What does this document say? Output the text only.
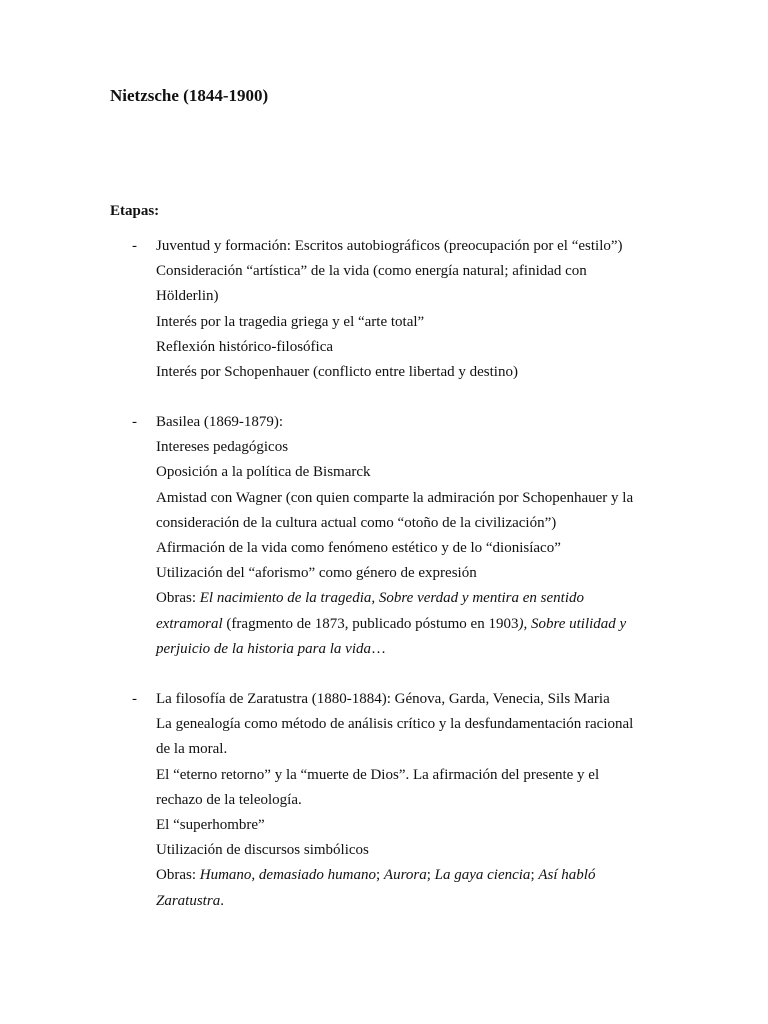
Nietzsche (1844-1900)
Etapas:
- Juventud y formación: Escritos autobiográficos (preocupación por el “estilo”)
Consideración “artística” de la vida (como energía natural; afinidad con
Hölderlin)
Interés por la tragedia griega y el “arte total”
Reflexión histórico-filosófica
Interés por Schopenhauer (conflicto entre libertad y destino)
- Basilea (1869-1879):
Intereses pedagógicos
Oposición a la política de Bismarck
Amistad con Wagner (con quien comparte la admiración por Schopenhauer y la
consideración de la cultura actual como “otoño de la civilización”)
Afirmación de la vida como fenómeno estético y de lo “dionisíaco”
Utilización del “aforismo” como género de expresión
Obras: El nacimiento de la tragedia, Sobre verdad y mentira en sentido
extramoral (fragmento de 1873, publicado póstumo en 1903), Sobre utilidad y
perjuicio de la historia para la vida…
- La filosofía de Zaratustra (1880-1884): Génova, Garda, Venecia, Sils Maria
La genealogía como método de análisis crítico y la desfundamentación racional
de la moral.
El “eterno retorno” y la “muerte de Dios”. La afirmación del presente y el
rechazo de la teleología.
El “superhombre”
Utilización de discursos simbólicos
Obras: Humano, demasiado humano; Aurora; La gaya ciencia; Así habló
Zaratustra.
